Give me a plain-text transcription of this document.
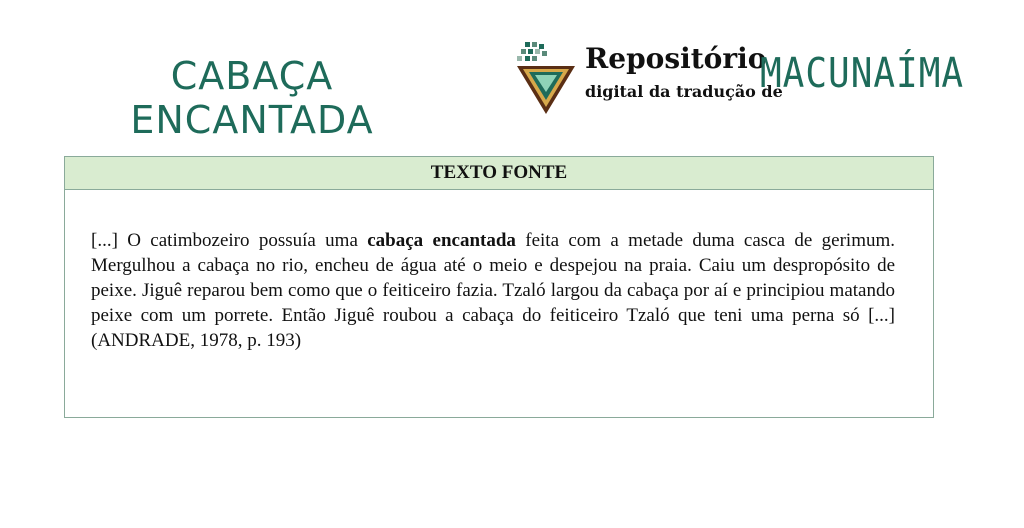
CABAÇA
ENCANTADA
Repositório
digital da tradução de
MACUNAÍMA
TEXTO FONTE
[...] O catimbozeiro possuía uma cabaça encantada feita com a metade duma casca de gerimum. Mergulhou a cabaça no rio, encheu de água até o meio e despejou na praia. Caiu um despropósito de peixe. Jiguê reparou bem como que o feiticeiro fazia. Tzaló largou da cabaça por aí e principiou matando peixe com um porrete. Então Jiguê roubou a cabaça do feiticeiro Tzaló que teni uma perna só [...] (ANDRADE, 1978, p. 193)
